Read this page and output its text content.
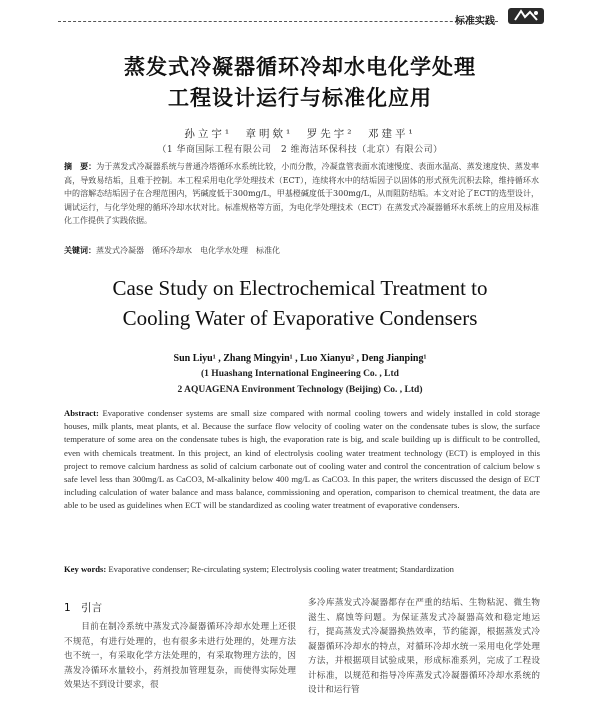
标准实践
蒸发式冷凝器循环冷却水电化学处理
工程设计运行与标准化应用
孙立宇¹　章明欸¹　罗先宇²　邓建平¹
（1 华商国际工程有限公司　2 维海洁环保科技（北京）有限公司）
摘　要：为于蒸发式冷凝器系统与普通冷塔循环水系统比较，小而分散，冷凝盘管表面水流速慢度、表面水温高、蒸发速度快、蒸发率高，导致易结垢，且难于控制。本工程采用电化学处理技术（ECT），连续将水中的结垢因子以固体的形式预先沉积去除，维持循环水中的溶解态结垢因子在合理范围内，钙碱度低于300mg/L，甲基橙碱度低于300mg/L，从而阻防结垢。本文对论了ECT的选型设计，调试运行，与化学处理的循环冷却水状对比。标准规格等方面，为电化学处理技术（ECT）在蒸发式冷凝器循环水系统上的应用及标准化工作提供了实践依据。
关键词：蒸发式冷凝器　循环冷却水　电化学水处理　标准化
Case Study on Electrochemical Treatment to
Cooling Water of Evaporative Condensers
Sun Liyu¹ , Zhang Mingyin¹ , Luo Xianyu² , Deng Jianping¹
(1 Huashang International Engineering Co. , Ltd
2 AQUAGENA Environment Technology (Beijing) Co. , Ltd)
Abstract: Evaporative condenser systems are small size compared with normal cooling towers and widely installed in cold storage houses, milk plants, meat plants, et al. Because the surface flow velocity of cooling water on the condensate tubes is slow, the surface temperature of some area on the condensate tubes is high, the evaporation rate is big, and scale building up is difficult to be controlled, even with chemicals treatment. In this project, an kind of electrolysis cooling water treatment technology (ECT) is employed in this project to remove calcium hardness as solid of calcium carbonate out of cooling water and control the concentration of calcium below s safe level less than 300mg/L as CaCO3, M-alkalinity below 400 mg/L as CaCO3. In this paper, the writers discussed the design of ECT including calculation of water balance and mass balance, commissioning and operation, comparison to chemical treatment, the data are able to be used as guidelines when ECT will be standardized as cooling water treatment of evaporative condensers.
Key words: Evaporative condenser; Re-circulating system; Electrolysis cooling water treatment; Standardization
1　引言
目前在制冷系统中蒸发式冷凝器循环冷却水处理上还很不规范，有进行处理的，也有很多未进行处理的，处理方法也不统一，有采取化学方法处理的，有采取物理方法的，因蒸发冷循环水量较小，药剂投加管理复杂，而使得实际处理效果达不到设计要求，很
多冷库蒸发式冷凝器都存在严重的结垢、生物粘泥、微生物滋生、腐蚀等问题。为保证蒸发式冷凝器高效和稳定地运行，提高蒸发式冷凝器换热效率，节约能源，根据蒸发式冷凝器循环冷却水的特点，对循环冷却水统一采用电化学处理方法，并根据项目试验成果，形成标准系列，完成了工程设计标准，以规范和指导冷库蒸发式冷凝器循环冷却水系统的设计和运行管
